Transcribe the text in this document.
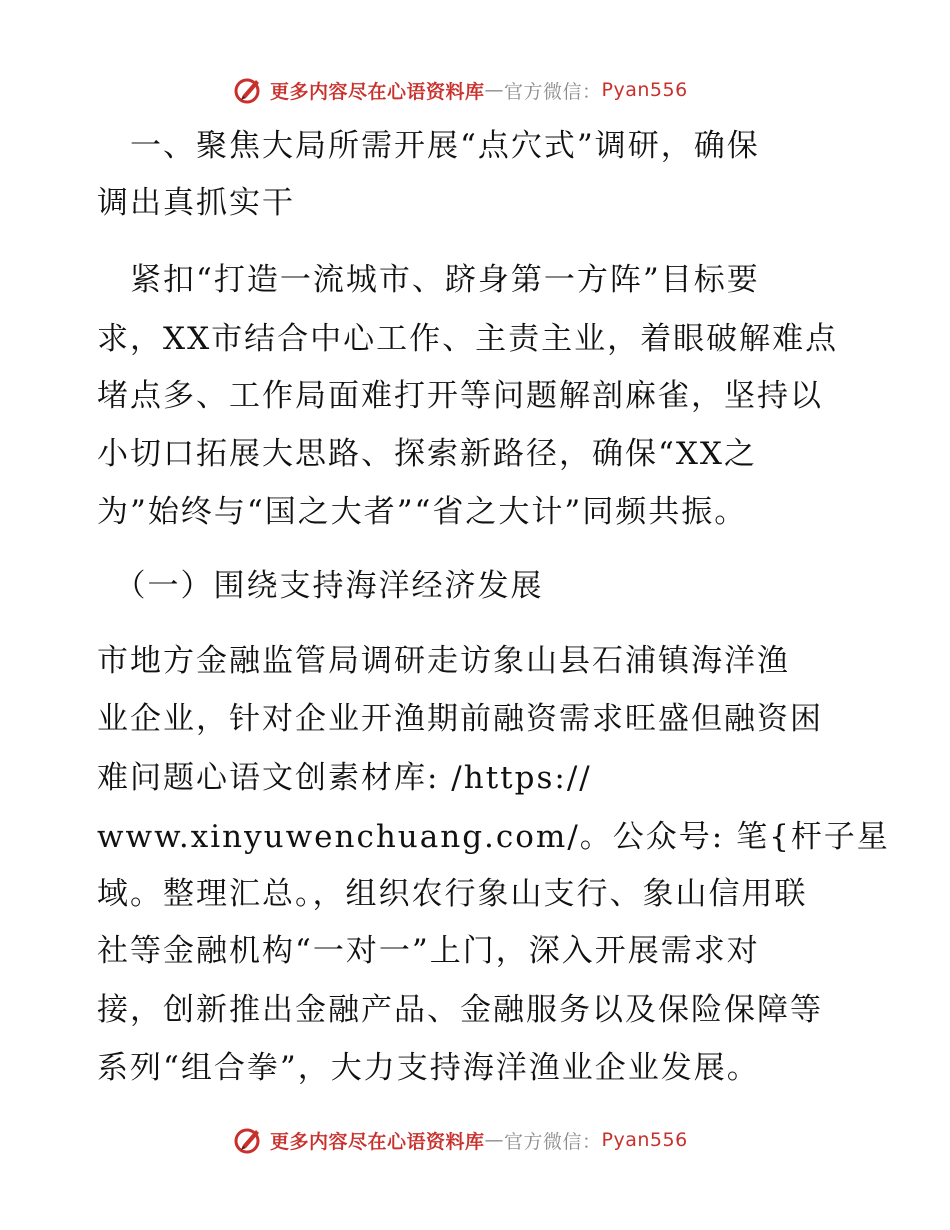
更多内容尽在心语资料库 — 官方微信： Pyan556

　一、聚焦大局所需开展“点穴式”调研，确保

调出真抓实干

　紧扣“打造一流城市、跻身第一方阵”目标要

求，XX市结合中心工作、主责主业，着眼破解难点

堵点多、工作局面难打开等问题解剖麻雀，坚持以

小切口拓展大思路、探索新路径，确保“XX之

为”始终与“国之大者”“省之大计”同频共振。

　（一）围绕支持海洋经济发展

市地方金融监管局调研走访象山县石浦镇海洋渔

业企业，针对企业开渔期前融资需求旺盛但融资困

难问题心语文创素材库: /https://

www.xinyuwenchuang.com/。公众号: 笔{杆子星

域。整理汇总。，组织农行象山支行、象山信用联

社等金融机构“一对一”上门，深入开展需求对

接，创新推出金融产品、金融服务以及保险保障等

系列“组合拳”，大力支持海洋渔业企业发展。

更多内容尽在心语资料库 — 官方微信： Pyan556
